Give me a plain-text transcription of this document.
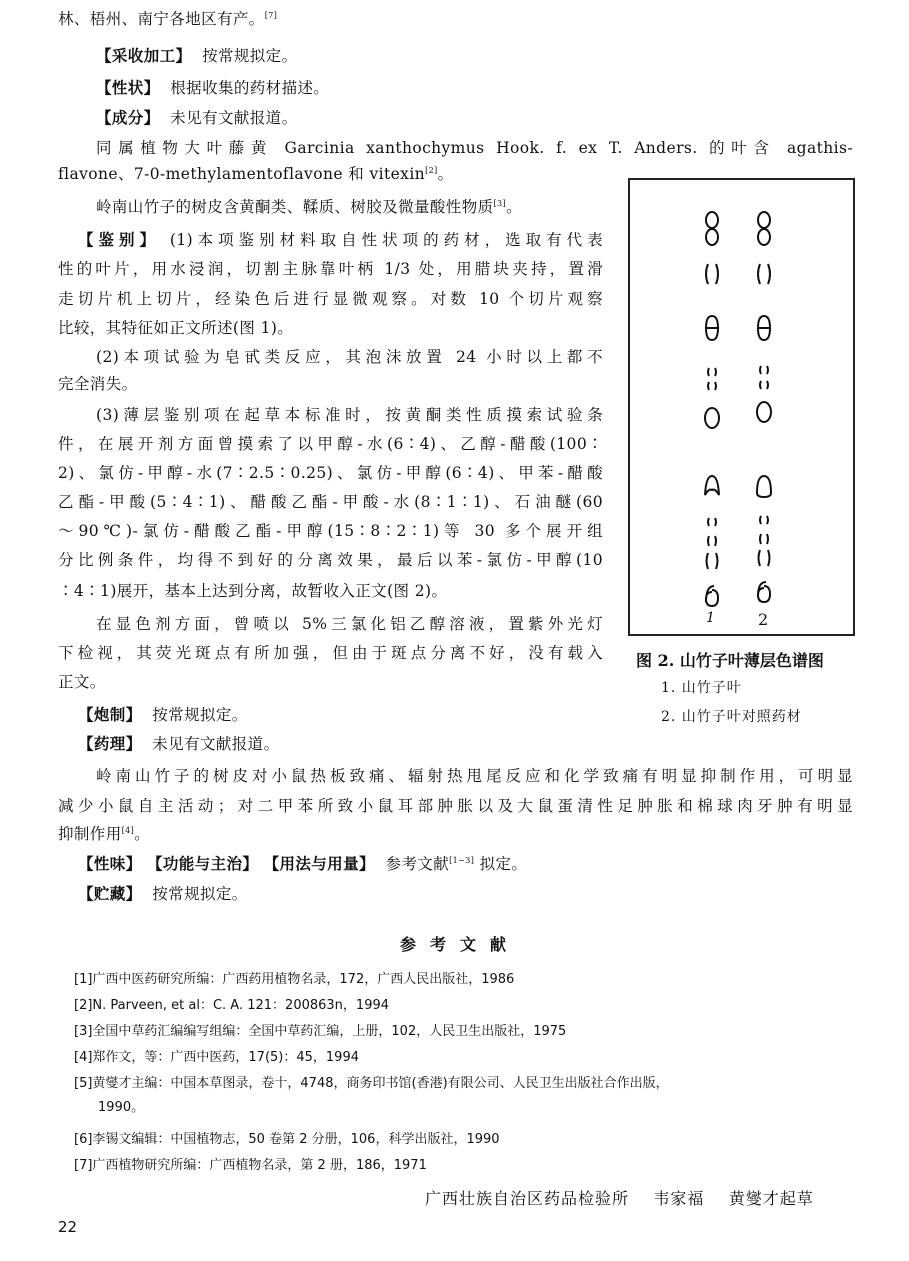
林、梧州、南宁各地区有产。[7]
【采收加工】 按常规拟定。
【性状】 根据收集的药材描述。
【成分】 未见有文献报道。
同属植物大叶藤黄 Garcinia xanthochymus Hook. f. ex T. Anders. 的叶含 agathis-
flavone、7-0-methylamentoflavone 和 vitexin[2]。
岭南山竹子的树皮含黄酮类、鞣质、树胶及微量酸性物质[3]。
【鉴别】 (1)本项鉴别材料取自性状项的药材，选取有代表
性的叶片，用水浸润，切割主脉靠叶柄 1/3 处，用腊块夹持，置滑
走切片机上切片，经染色后进行显微观察。对数 10 个切片观察
比较，其特征如正文所述(图 1)。
(2)本项试验为皂甙类反应，其泡沫放置 24 小时以上都不
完全消失。
(3)薄层鉴别项在起草本标准时，按黄酮类性质摸索试验条
件，在展开剂方面曾摸索了以甲醇-水(6∶4)、乙醇-醋酸(100∶
2)、氯仿-甲醇-水(7∶2.5∶0.25)、氯仿-甲醇(6∶4)、甲苯-醋酸
乙酯-甲酸(5∶4∶1)、醋酸乙酯-甲酸-水(8∶1∶1)、石油醚(60
～90℃)-氯仿-醋酸乙酯-甲醇(15∶8∶2∶1)等 30 多个展开组
分比例条件，均得不到好的分离效果，最后以苯-氯仿-甲醇(10
∶4∶1)展开，基本上达到分离，故暂收入正文(图 2)。
在显色剂方面，曾喷以 5%三氯化铝乙醇溶液，置紫外光灯
下检视，其荧光斑点有所加强，但由于斑点分离不好，没有载入
正文。
【炮制】 按常规拟定。
【药理】 未见有文献报道。
岭南山竹子的树皮对小鼠热板致痛、辐射热甩尾反应和化学致痛有明显抑制作用，可明显
减少小鼠自主活动；对二甲苯所致小鼠耳部肿胀以及大鼠蛋清性足肿胀和棉球肉牙肿有明显
抑制作用[4]。
【性味】 【功能与主治】 【用法与用量】 参考文献[1~3] 拟定。
【贮藏】 按常规拟定。
1	2
图 2. 山竹子叶薄层色谱图
1. 山竹子叶
2. 山竹子叶对照药材
参考文献
[1]广西中医药研究所编：广西药用植物名录，172，广西人民出版社，1986
[2]N. Parveen, et al：C. A. 121：200863n，1994
[3]全国中草药汇编编写组编：全国中草药汇编，上册，102，人民卫生出版社，1975
[4]郑作文，等：广西中医药，17(5)：45，1994
[5]黄燮才主编：中国本草图录，卷十，4748，商务印书馆(香港)有限公司、人民卫生出版社合作出版，
1990。
[6]李锡文编辑：中国植物志，50 卷第 2 分册，106，科学出版社，1990
[7]广西植物研究所编：广西植物名录，第 2 册，186，1971
广西壮族自治区药品检验所    韦家福    黄燮才起草
22
